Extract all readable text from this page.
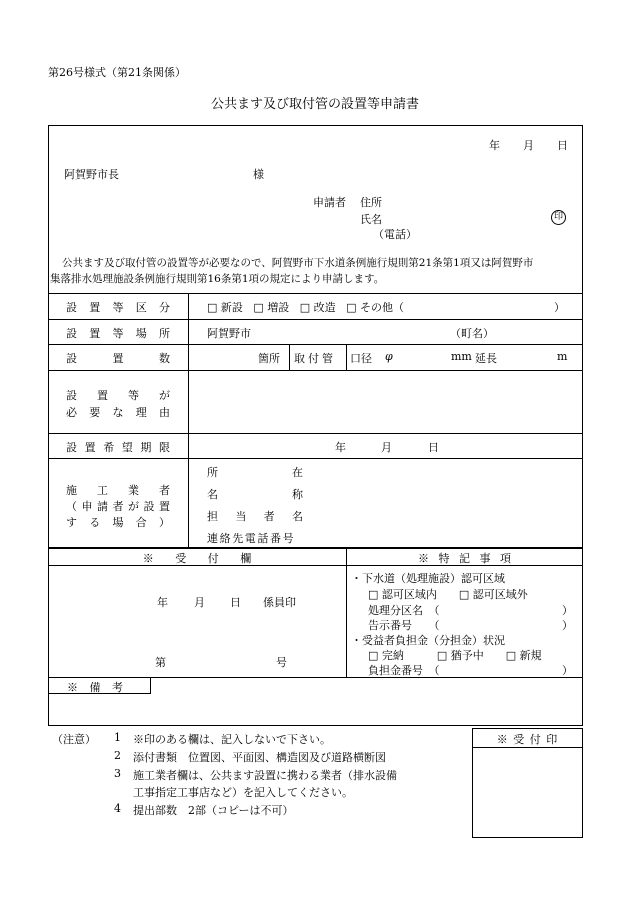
第26号様式（第21条関係）
公共ます及び取付管の設置等申請書
年 月 日
阿賀野市長	様
申請者 住所
氏名	印
（電話）
公共ます及び取付管の設置等が必要なので、阿賀野市下水道条例施行規則第21条第1項又は阿賀野市
集落排水処理施設条例施行規則第16条第1項の規定により申請します。
設 置 等 区 分	□ 新設 □ 増設 □ 改造 □ その他（	）
設 置 等 場 所	阿賀野市	（町名）
設	置	数	箇所 取付管 口径 φ	mm 延長	m
設 置 等 が
必 要 な 理 由
設 置 希 望 期 限	年	月	日
施 工 業 者
（ 申 請 者 が 設 置
す る 場 合 ）
所	在
名	称
担 当 者 名
連絡先電話番号
※ 受 付 欄	※ 特 記 事 項
年 月 日 係員印
第	号
・下水道（処理施設）認可区域
□ 認可区域内　　□ 認可区域外
処理分区名　（	）
告示番号　　（	）
・受益者負担金（分担金）状況
□ 完納　　　□ 猶予中　　□ 新規
負担金番号　（	）
※ 備 考
（注意） 1 ※印のある欄は、記入しないで下さい。
2 添付書類　位置図、平面図、構造図及び道路横断図
3 施工業者欄は、公共ます設置に携わる業者（排水設備
工事指定工事店など）を記入してください。
4 提出部数　2部（コピーは不可）
※ 受 付 印
